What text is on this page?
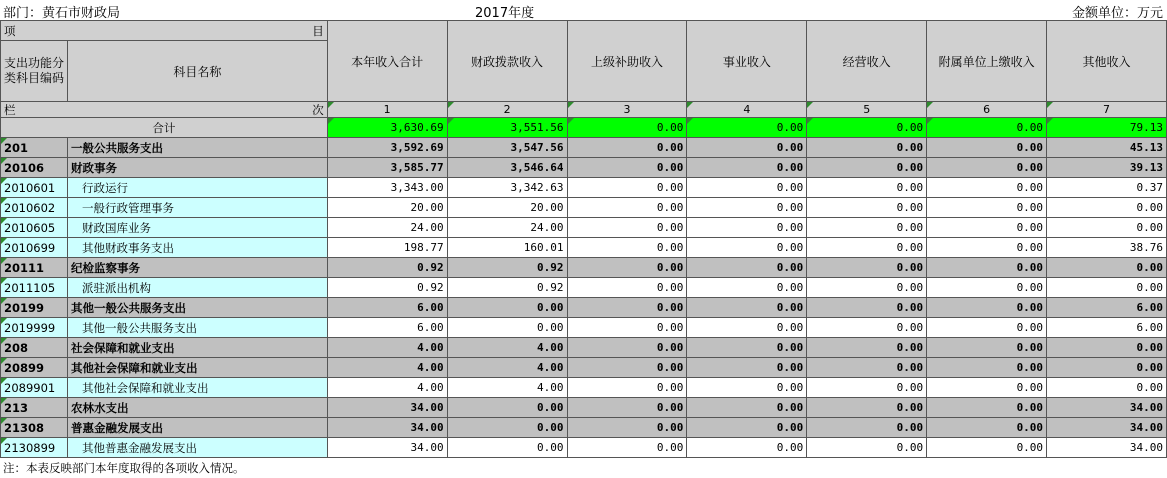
部门：黄石市财政局	2017年度	金额单位：万元
项 目		本年收入合计	财政拨款收入	上级补助收入	事业收入	经营收入	附属单位上缴收入	其他收入
支出功能分类科目编码	科目名称							

栏 次		1	2	3	4	5	6	7
合计		3,630.69	3,551.56	0.00	0.00	0.00	0.00	79.13
201	一般公共服务支出	3,592.69	3,547.56	0.00	0.00	0.00	0.00	45.13
20106	财政事务	3,585.77	3,546.64	0.00	0.00	0.00	0.00	39.13
2010601	行政运行	3,343.00	3,342.63	0.00	0.00	0.00	0.00	0.37
2010602	一般行政管理事务	20.00	20.00	0.00	0.00	0.00	0.00	0.00
2010605	财政国库业务	24.00	24.00	0.00	0.00	0.00	0.00	0.00
2010699	其他财政事务支出	198.77	160.01	0.00	0.00	0.00	0.00	38.76
20111	纪检监察事务	0.92	0.92	0.00	0.00	0.00	0.00	0.00
2011105	派驻派出机构	0.92	0.92	0.00	0.00	0.00	0.00	0.00
20199	其他一般公共服务支出	6.00	0.00	0.00	0.00	0.00	0.00	6.00
2019999	其他一般公共服务支出	6.00	0.00	0.00	0.00	0.00	0.00	6.00
208	社会保障和就业支出	4.00	4.00	0.00	0.00	0.00	0.00	0.00
20899	其他社会保障和就业支出	4.00	4.00	0.00	0.00	0.00	0.00	0.00
2089901	其他社会保障和就业支出	4.00	4.00	0.00	0.00	0.00	0.00	0.00
213	农林水支出	34.00	0.00	0.00	0.00	0.00	0.00	34.00
21308	普惠金融发展支出	34.00	0.00	0.00	0.00	0.00	0.00	34.00
2130899	其他普惠金融发展支出	34.00	0.00	0.00	0.00	0.00	0.00	34.00
注：本表反映部门本年度取得的各项收入情况。
